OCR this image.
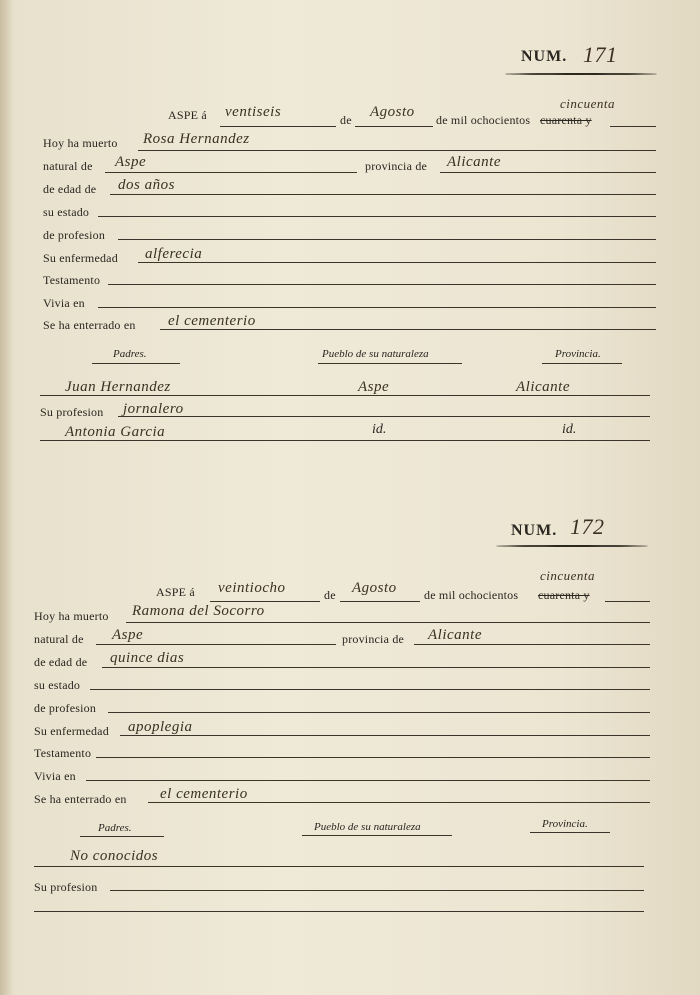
NUM. 171
ASPE á ventiseis	de Agosto de mil ochocientos cuarenta y
cincuenta
Hoy ha muerto Rosa Hernandez
natural de Aspe	provincia de Alicante
de edad de dos años
su estado
de profesion
Su enfermedad alferecia
Testamento
Vivia en
Se ha enterrado en el cementerio
Padres.	Pueblo de su naturaleza	Provincia.
Juan Hernandez	Aspe	Alicante
Su profesion jornalero
Antonia Garcia	id.	id.
NUM. 172
ASPE á veintiocho	de Agosto de mil ochocientos cuarenta y
cincuenta
Hoy ha muerto Ramona del Socorro
natural de Aspe	provincia de Alicante
de edad de quince dias
su estado
de profesion
Su enfermedad apoplegia
Testamento
Vivia en
Se ha enterrado en el cementerio
Padres.	Pueblo de su naturaleza	Provincia.
No conocidos
Su profesion
